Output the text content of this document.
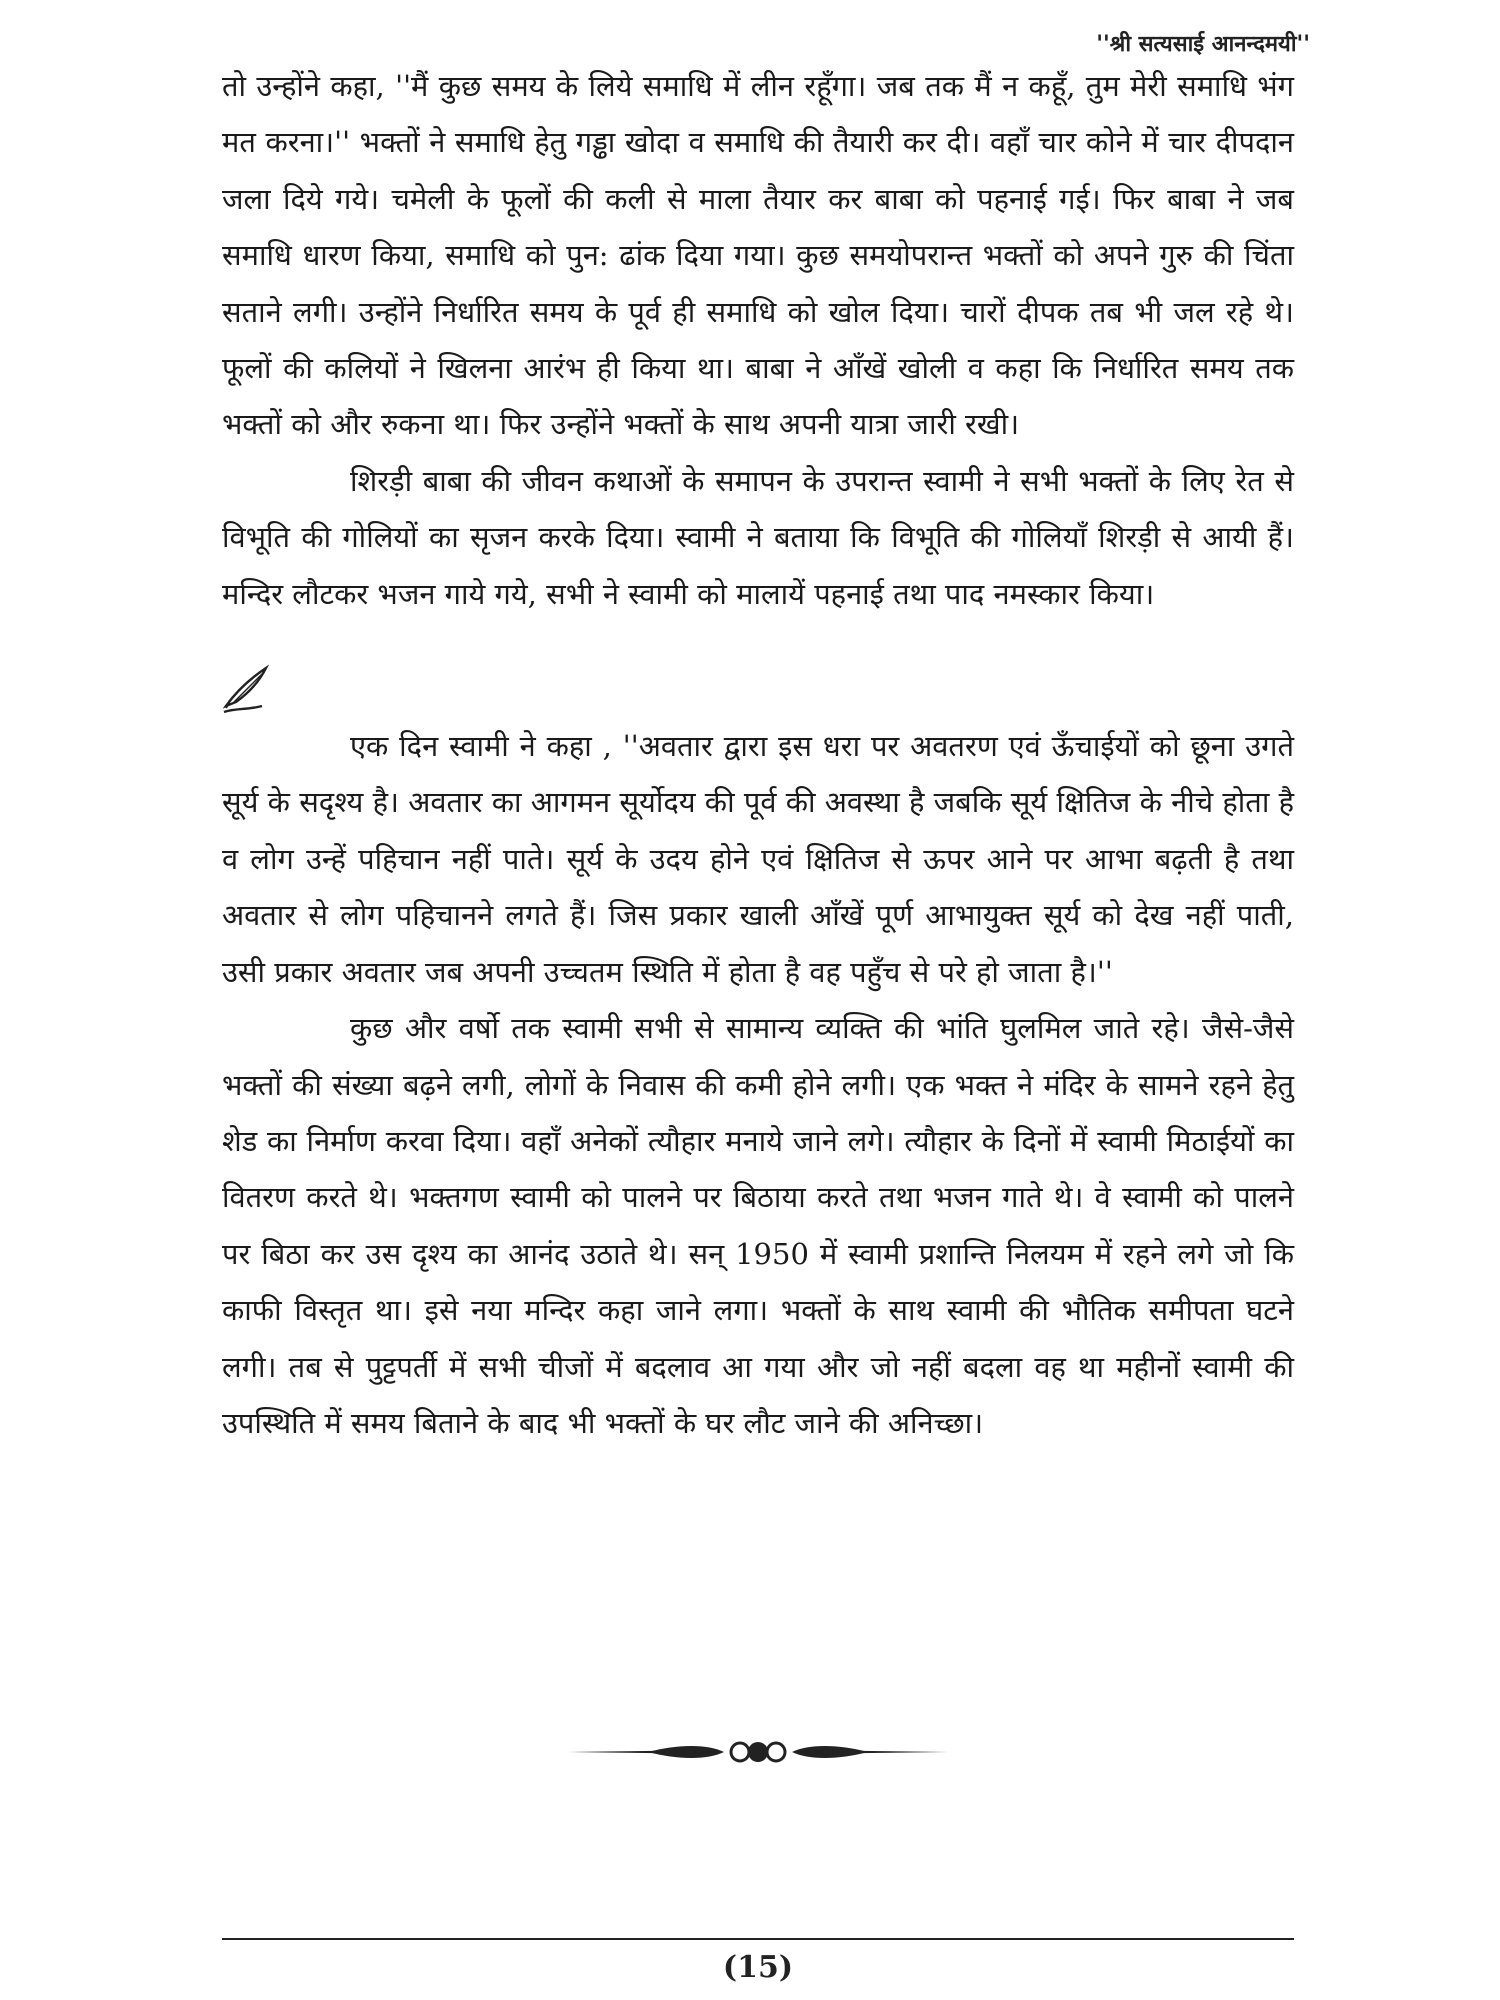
''श्री सत्यसाई आनन्दमयी''

तो उन्होंने कहा, ''मैं कुछ समय के लिये समाधि में लीन रहूँगा। जब तक मैं न कहूँ, तुम मेरी समाधि भंग मत करना।'' भक्तों ने समाधि हेतु गड्ढा खोदा व समाधि की तैयारी कर दी। वहाँ चार कोने में चार दीपदान जला दिये गये। चमेली के फूलों की कली से माला तैयार कर बाबा को पहनाई गई। फिर बाबा ने जब समाधि धारण किया, समाधि को पुन: ढांक दिया गया। कुछ समयोपरान्त भक्तों को अपने गुरु की चिंता सताने लगी। उन्होंने निर्धारित समय के पूर्व ही समाधि को खोल दिया। चारों दीपक तब भी जल रहे थे। फूलों की कलियों ने खिलना आरंभ ही किया था। बाबा ने आँखें खोली व कहा कि निर्धारित समय तक भक्तों को और रुकना था। फिर उन्होंने भक्तों के साथ अपनी यात्रा जारी रखी।

शिरड़ी बाबा की जीवन कथाओं के समापन के उपरान्त स्वामी ने सभी भक्तों के लिए रेत से विभूति की गोलियों का सृजन करके दिया। स्वामी ने बताया कि विभूति की गोलियाँ शिरड़ी से आयी हैं। मन्दिर लौटकर भजन गाये गये, सभी ने स्वामी को मालायें पहनाई तथा पाद नमस्कार किया।

एक दिन स्वामी ने कहा , ''अवतार द्वारा इस धरा पर अवतरण एवं ऊँचाईयों को छूना उगते सूर्य के सदृश्य है। अवतार का आगमन सूर्योदय की पूर्व की अवस्था है जबकि सूर्य क्षितिज के नीचे होता है व लोग उन्हें पहिचान नहीं पाते। सूर्य के उदय होने एवं क्षितिज से ऊपर आने पर आभा बढ़ती है तथा अवतार से लोग पहिचानने लगते हैं। जिस प्रकार खाली आँखें पूर्ण आभायुक्त सूर्य को देख नहीं पाती, उसी प्रकार अवतार जब अपनी उच्चतम स्थिति में होता है वह पहुँच से परे हो जाता है।''

कुछ और वर्षो तक स्वामी सभी से सामान्य व्यक्ति की भांति घुलमिल जाते रहे। जैसे-जैसे भक्तों की संख्या बढ़ने लगी, लोगों के निवास की कमी होने लगी। एक भक्त ने मंदिर के सामने रहने हेतु शेड का निर्माण करवा दिया। वहाँ अनेकों त्यौहार मनाये जाने लगे। त्यौहार के दिनों में स्वामी मिठाईयों का वितरण करते थे। भक्तगण स्वामी को पालने पर बिठाया करते तथा भजन गाते थे। वे स्वामी को पालने पर बिठा कर उस दृश्य का आनंद उठाते थे। सन् 1950 में स्वामी प्रशान्ति निलयम में रहने लगे जो कि काफी विस्तृत था। इसे नया मन्दिर कहा जाने लगा। भक्तों के साथ स्वामी की भौतिक समीपता घटने लगी। तब से पुट्टपर्ती में सभी चीजों में बदलाव आ गया और जो नहीं बदला वह था महीनों स्वामी की उपस्थिति में समय बिताने के बाद भी भक्तों के घर लौट जाने की अनिच्छा।

(15)
